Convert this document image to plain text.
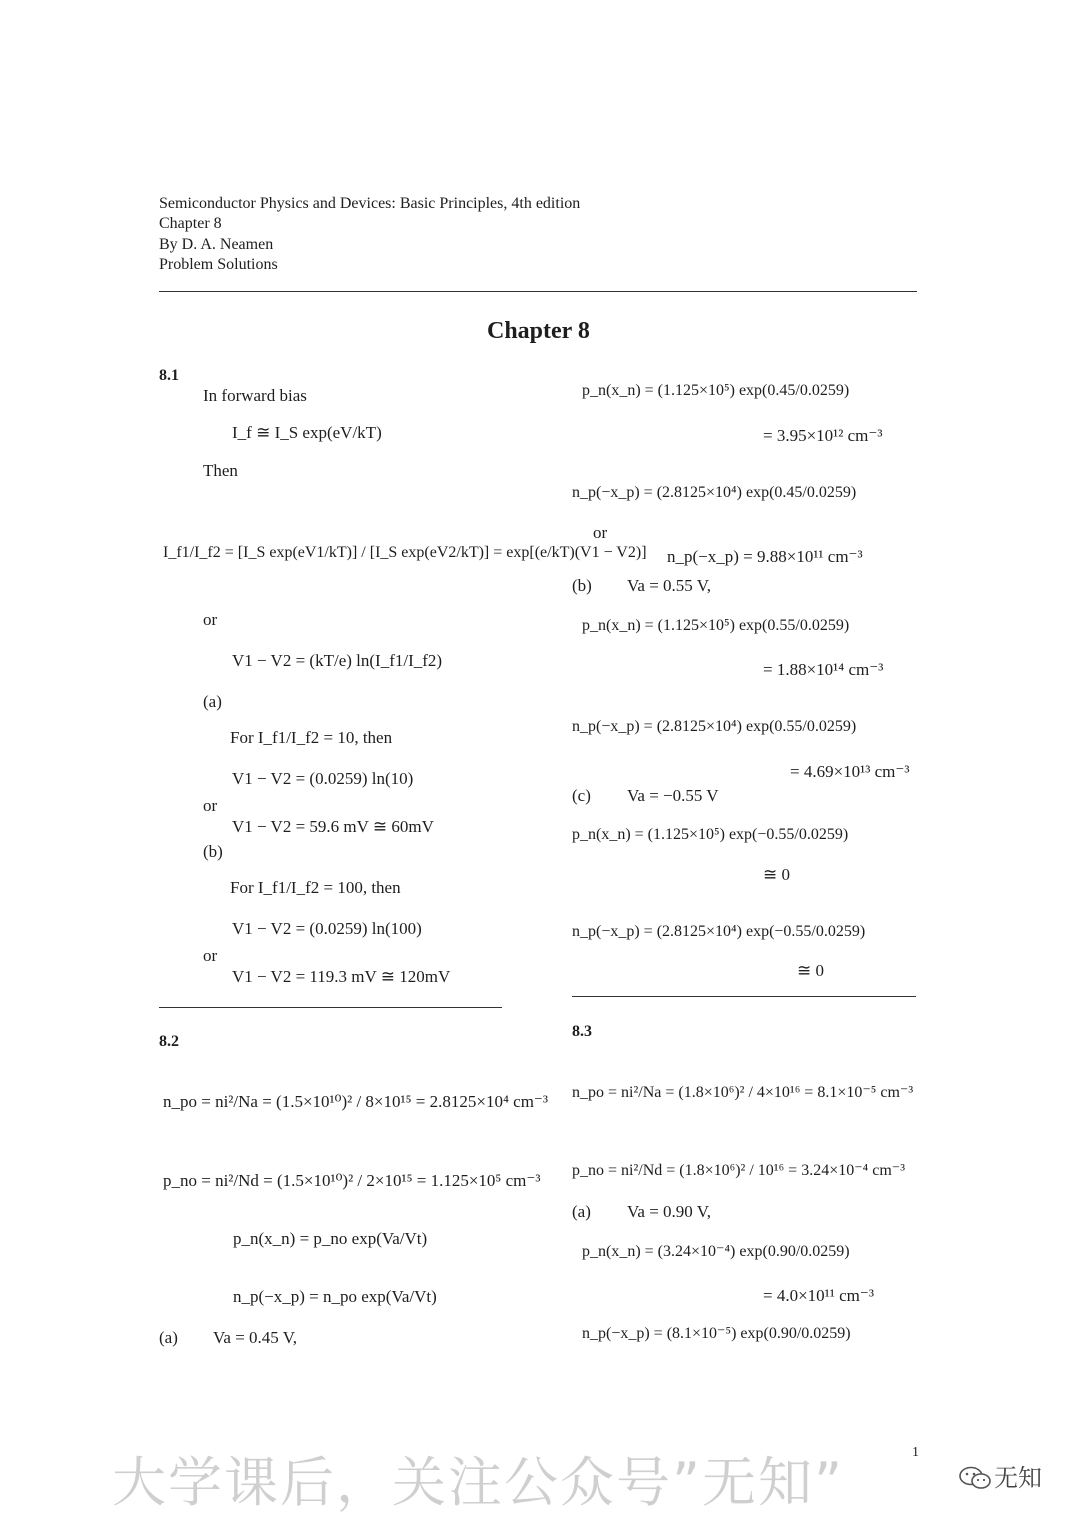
Semiconductor Physics and Devices: Basic Principles, 4th edition
Chapter 8
By D. A. Neamen
Problem Solutions
Chapter 8
8.1
In forward bias
I_f ≅ I_S exp(eV/kT)
Then
I_f1/I_f2 = [I_S exp(eV1/kT)] / [I_S exp(eV2/kT)] = exp[(e/kT)(V1 − V2)]
or
V1 − V2 = (kT/e) ln(I_f1/I_f2)
(a)
For I_f1/I_f2 = 10, then
V1 − V2 = (0.0259) ln(10)
or
V1 − V2 = 59.6 mV ≅ 60mV
(b)
For I_f1/I_f2 = 100, then
V1 − V2 = (0.0259) ln(100)
or
V1 − V2 = 119.3 mV ≅ 120mV
8.2
n_po = ni²/Na = (1.5×10¹⁰)² / 8×10¹⁵ = 2.8125×10⁴ cm⁻³
p_no = ni²/Nd = (1.5×10¹⁰)² / 2×10¹⁵ = 1.125×10⁵ cm⁻³
p_n(x_n) = p_no exp(Va/Vt)
n_p(−x_p) = n_po exp(Va/Vt)
(a) Va = 0.45 V,
p_n(x_n) = (1.125×10⁵) exp(0.45/0.0259)
= 3.95×10¹² cm⁻³
n_p(−x_p) = (2.8125×10⁴) exp(0.45/0.0259)
or
n_p(−x_p) = 9.88×10¹¹ cm⁻³
(b) Va = 0.55 V,
p_n(x_n) = (1.125×10⁵) exp(0.55/0.0259)
= 1.88×10¹⁴ cm⁻³
n_p(−x_p) = (2.8125×10⁴) exp(0.55/0.0259)
= 4.69×10¹³ cm⁻³
(c) Va = −0.55 V
p_n(x_n) = (1.125×10⁵) exp(−0.55/0.0259)
≅ 0
n_p(−x_p) = (2.8125×10⁴) exp(−0.55/0.0259)
≅ 0
8.3
n_po = ni²/Na = (1.8×10⁶)² / 4×10¹⁶ = 8.1×10⁻⁵ cm⁻³
p_no = ni²/Nd = (1.8×10⁶)² / 10¹⁶ = 3.24×10⁻⁴ cm⁻³
(a) Va = 0.90 V,
p_n(x_n) = (3.24×10⁻⁴) exp(0.90/0.0259)
= 4.0×10¹¹ cm⁻³
n_p(−x_p) = (8.1×10⁻⁵) exp(0.90/0.0259)
1
大学课后，关注公众号”无知”	无知
